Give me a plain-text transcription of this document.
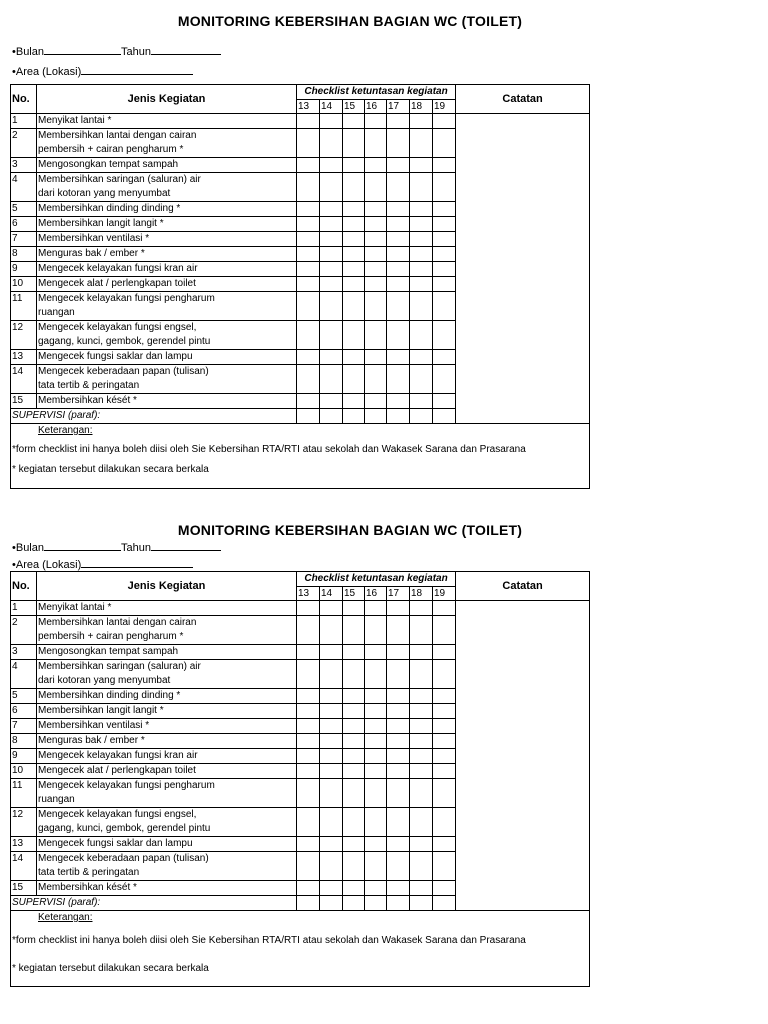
MONITORING KEBERSIHAN BAGIAN WC (TOILET)
•Bulan	Tahun
•Area (Lokasi)
No.	Jenis Kegiatan	Checklist ketuntasan kegiatan							Catatan
		13	14	15	16	17	18	19	
1	Menyikat lantai *								

2	Membersihkan lantai dengan cairan
pembersih + cairan pengharum *								

3	Mengosongkan tempat sampah								

4	Membersihkan saringan (saluran) air
dari kotoran yang menyumbat								

5	Membersihkan dinding dinding *								

6	Membersihkan langit langit *								

7	Membersihkan ventilasi *								

8	Menguras bak / ember *								

9	Mengecek kelayakan fungsi kran air								

10	Mengecek alat / perlengkapan toilet								

11	Mengecek kelayakan fungsi pengharum
ruangan								

12	Mengecek kelayakan fungsi engsel,
gagang, kunci, gembok, gerendel pintu								

13	Mengecek fungsi saklar dan lampu								

14	Mengecek keberadaan papan (tulisan)
tata tertib & peringatan								

15	Membersihkan kését *								

SUPERVISI (paraf):									

Keterangan:
*form checklist ini hanya boleh diisi oleh Sie Kebersihan RTA/RTI atau sekolah dan Wakasek Sarana dan Prasarana
* kegiatan tersebut dilakukan secara berkala									
MONITORING KEBERSIHAN BAGIAN WC (TOILET)
•Bulan	Tahun
•Area (Lokasi)
No.	Jenis Kegiatan	Checklist ketuntasan kegiatan							Catatan
		13	14	15	16	17	18	19	
1	Menyikat lantai *								

2	Membersihkan lantai dengan cairan
pembersih + cairan pengharum *								

3	Mengosongkan tempat sampah								

4	Membersihkan saringan (saluran) air
dari kotoran yang menyumbat								

5	Membersihkan dinding dinding *								

6	Membersihkan langit langit *								

7	Membersihkan ventilasi *								

8	Menguras bak / ember *								

9	Mengecek kelayakan fungsi kran air								

10	Mengecek alat / perlengkapan toilet								

11	Mengecek kelayakan fungsi pengharum
ruangan								

12	Mengecek kelayakan fungsi engsel,
gagang, kunci, gembok, gerendel pintu								

13	Mengecek fungsi saklar dan lampu								

14	Mengecek keberadaan papan (tulisan)
tata tertib & peringatan								

15	Membersihkan kését *								

SUPERVISI (paraf):									

Keterangan:
*form checklist ini hanya boleh diisi oleh Sie Kebersihan RTA/RTI atau sekolah dan Wakasek Sarana dan Prasarana
* kegiatan tersebut dilakukan secara berkala									
